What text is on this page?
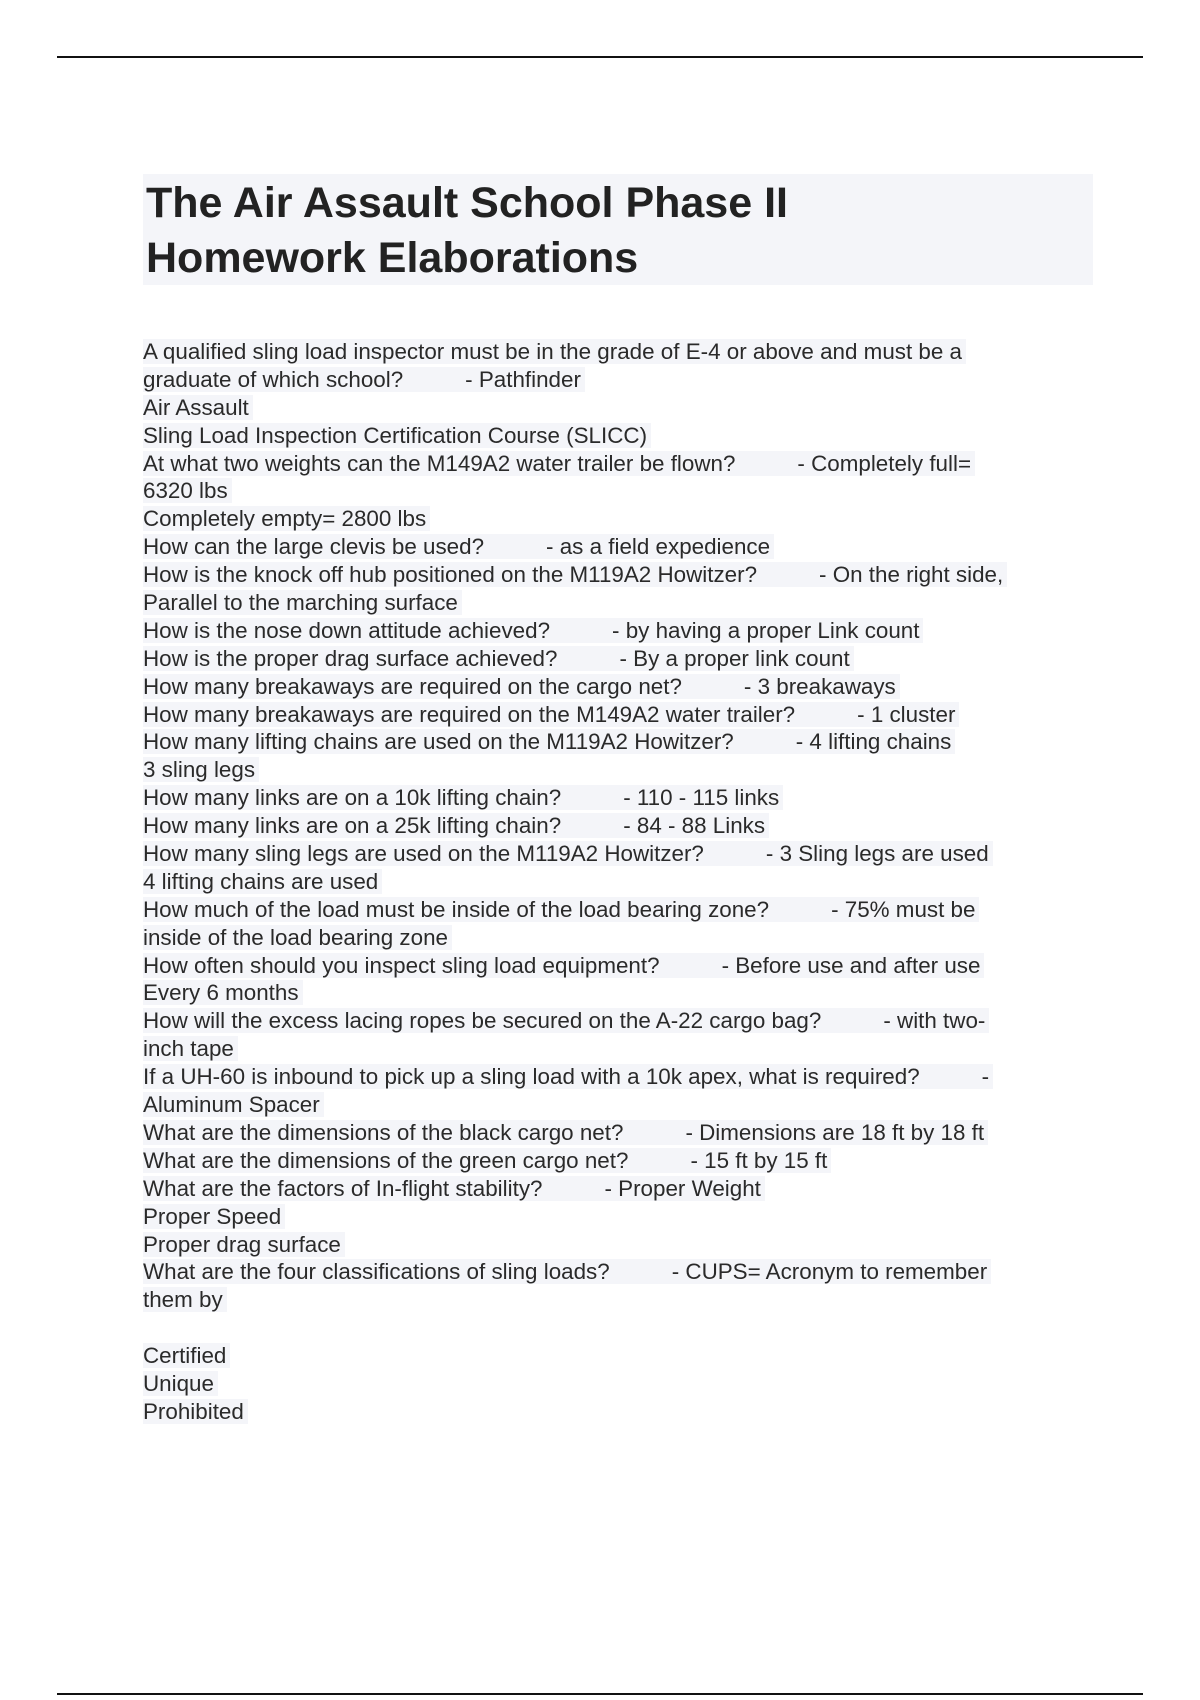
The Air Assault School Phase II
Homework Elaborations
A qualified sling load inspector must be in the grade of E-4 or above and must be a
graduate of which school?	- Pathfinder
Air Assault
Sling Load Inspection Certification Course (SLICC)
At what two weights can the M149A2 water trailer be flown?	- Completely full=
6320 lbs
Completely empty= 2800 lbs
How can the large clevis be used?	- as a field expedience
How is the knock off hub positioned on the M119A2 Howitzer?	- On the right side,
Parallel to the marching surface
How is the nose down attitude achieved?	- by having a proper Link count
How is the proper drag surface achieved?	- By a proper link count
How many breakaways are required on the cargo net?	- 3 breakaways
How many breakaways are required on the M149A2 water trailer?	- 1 cluster
How many lifting chains are used on the M119A2 Howitzer?	- 4 lifting chains
3 sling legs
How many links are on a 10k lifting chain?	- 110 - 115 links
How many links are on a 25k lifting chain?	- 84 - 88 Links
How many sling legs are used on the M119A2 Howitzer?	- 3 Sling legs are used
4 lifting chains are used
How much of the load must be inside of the load bearing zone?	- 75% must be
inside of the load bearing zone
How often should you inspect sling load equipment?	- Before use and after use
Every 6 months
How will the excess lacing ropes be secured on the A-22 cargo bag?	- with two-
inch tape
If a UH-60 is inbound to pick up a sling load with a 10k apex, what is required?	-
Aluminum Spacer
What are the dimensions of the black cargo net?	- Dimensions are 18 ft by 18 ft
What are the dimensions of the green cargo net?	- 15 ft by 15 ft
What are the factors of In-flight stability?	- Proper Weight
Proper Speed
Proper drag surface
What are the four classifications of sling loads?	- CUPS= Acronym to remember
them by
Certified
Unique
Prohibited
